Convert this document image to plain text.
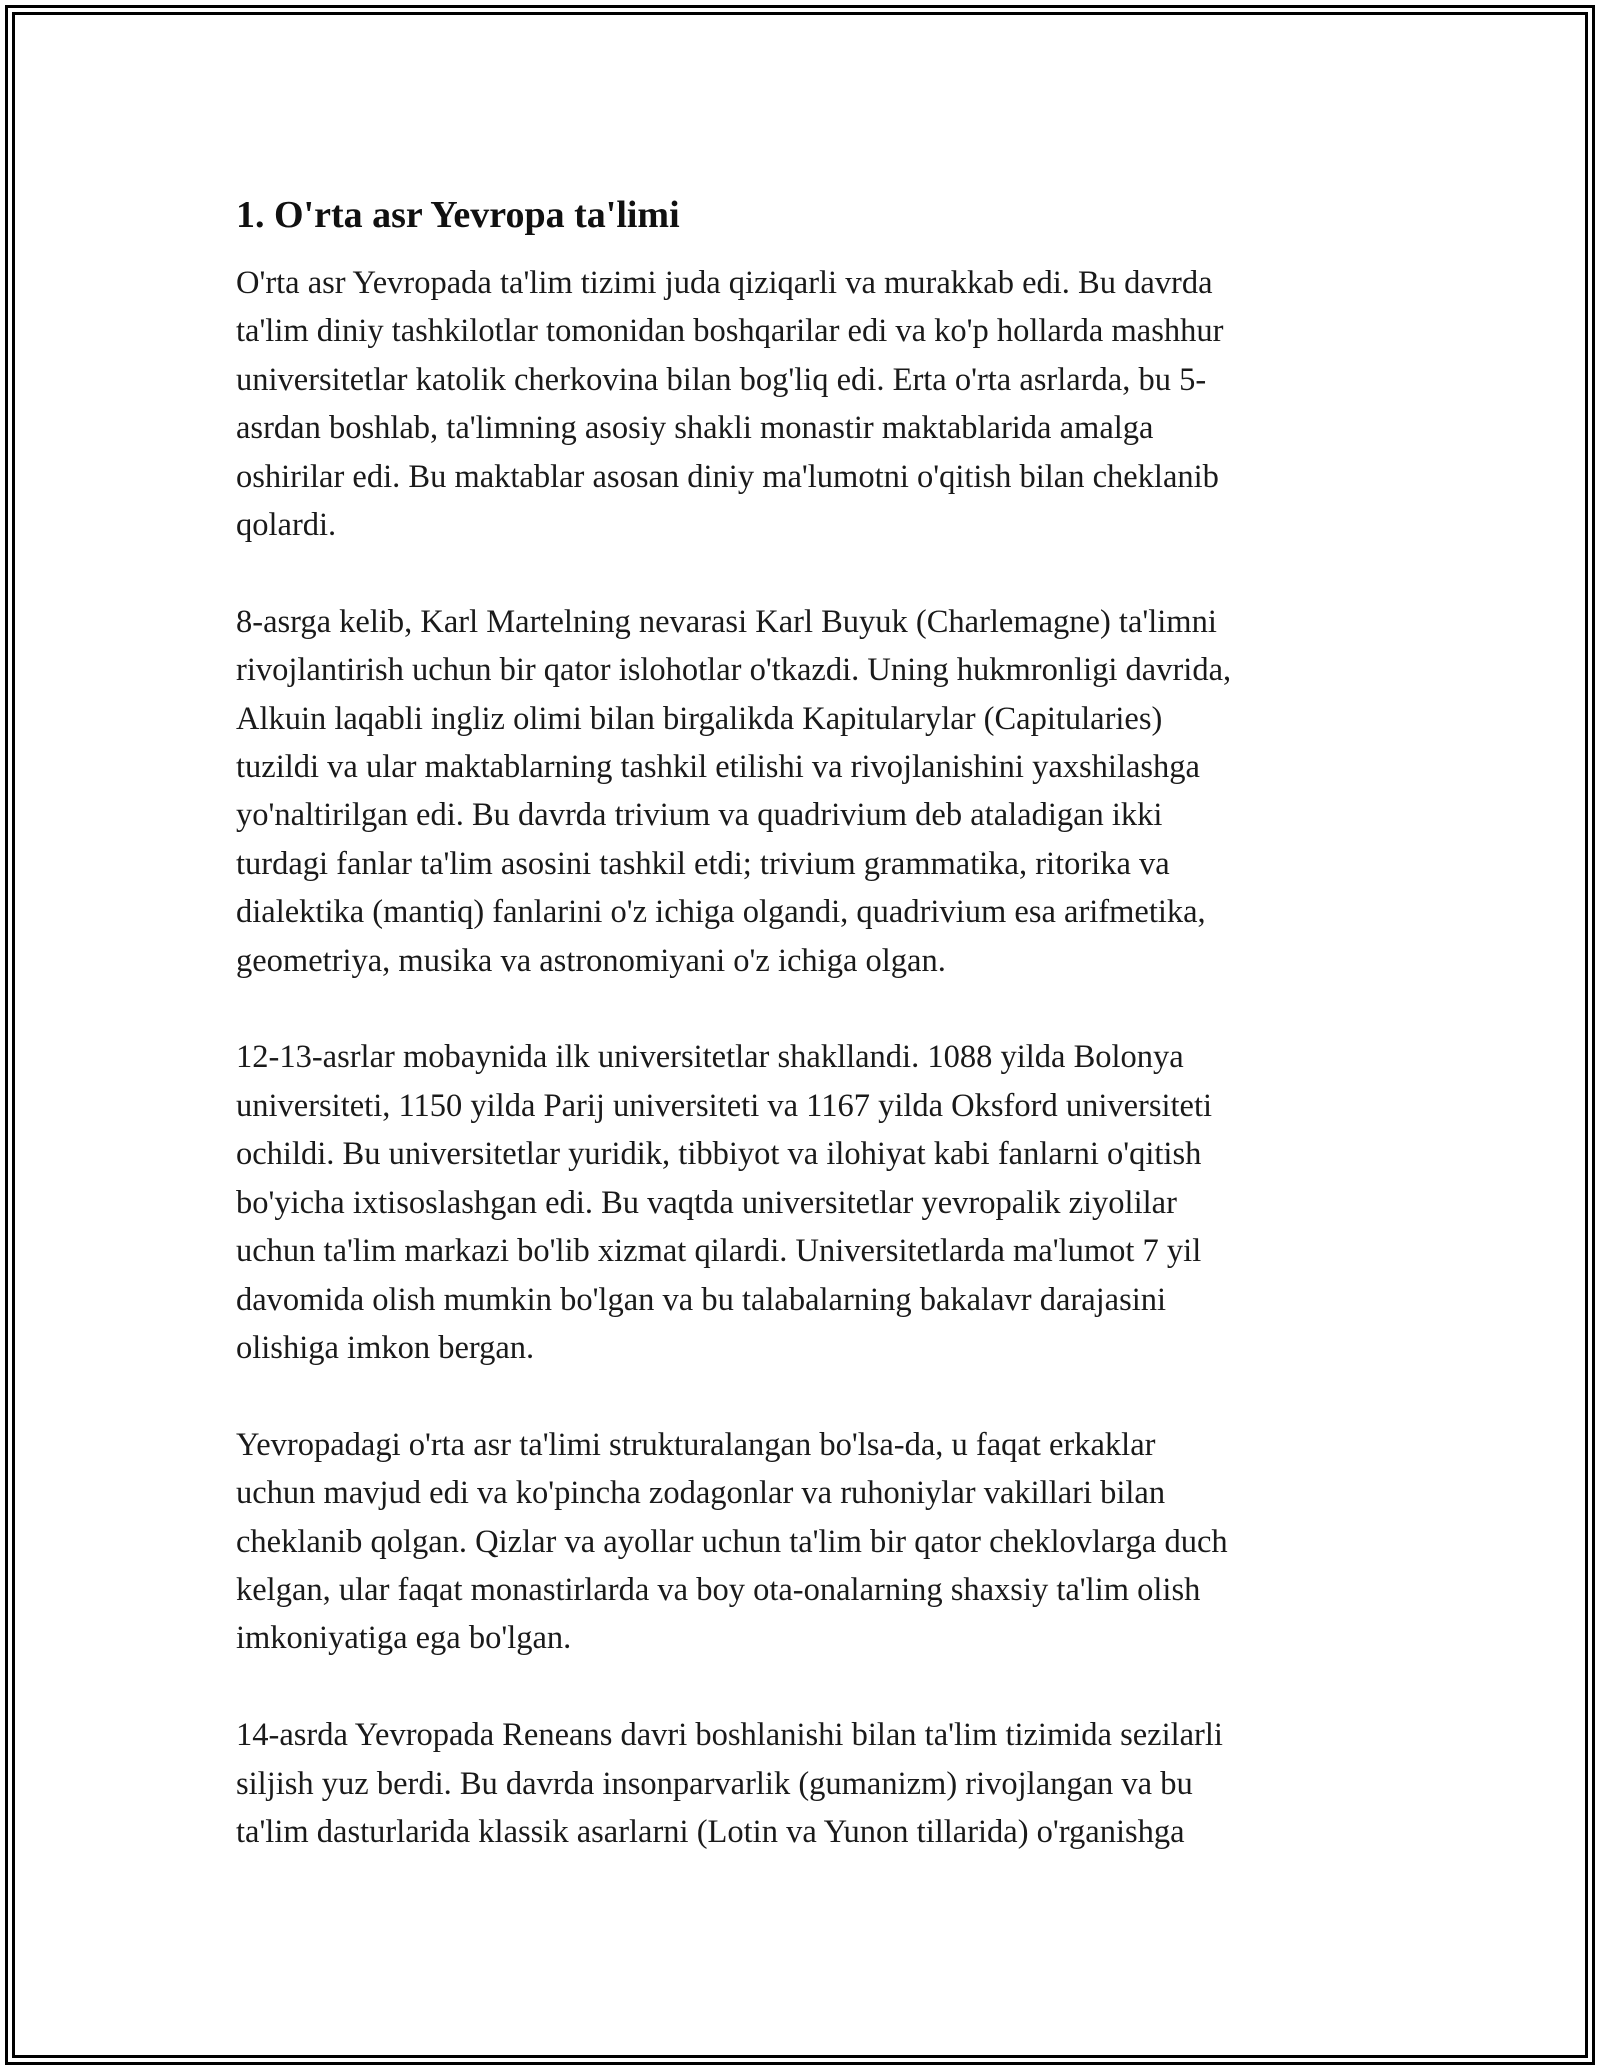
1. O'rta asr Yevropa ta'limi

O'rta asr Yevropada ta'lim tizimi juda qiziqarli va murakkab edi. Bu davrda
ta'lim diniy tashkilotlar tomonidan boshqarilar edi va ko'p hollarda mashhur
universitetlar katolik cherkovina bilan bog'liq edi. Erta o'rta asrlarda, bu 5-
asrdan boshlab, ta'limning asosiy shakli monastir maktablarida amalga
oshirilar edi. Bu maktablar asosan diniy ma'lumotni o'qitish bilan cheklanib
qolardi.

8-asrga kelib, Karl Martelning nevarasi Karl Buyuk (Charlemagne) ta'limni
rivojlantirish uchun bir qator islohotlar o'tkazdi. Uning hukmronligi davrida,
Alkuin laqabli ingliz olimi bilan birgalikda Kapitularylar (Capitularies)
tuzildi va ular maktablarning tashkil etilishi va rivojlanishini yaxshilashga
yo'naltirilgan edi. Bu davrda trivium va quadrivium deb ataladigan ikki
turdagi fanlar ta'lim asosini tashkil etdi; trivium grammatika, ritorika va
dialektika (mantiq) fanlarini o'z ichiga olgandi, quadrivium esa arifmetika,
geometriya, musika va astronomiyani o'z ichiga olgan.

12-13-asrlar mobaynida ilk universitetlar shakllandi. 1088 yilda Bolonya
universiteti, 1150 yilda Parij universiteti va 1167 yilda Oksford universiteti
ochildi. Bu universitetlar yuridik, tibbiyot va ilohiyat kabi fanlarni o'qitish
bo'yicha ixtisoslashgan edi. Bu vaqtda universitetlar yevropalik ziyolilar
uchun ta'lim markazi bo'lib xizmat qilardi. Universitetlarda ma'lumot 7 yil
davomida olish mumkin bo'lgan va bu talabalarning bakalavr darajasini
olishiga imkon bergan.

Yevropadagi o'rta asr ta'limi strukturalangan bo'lsa-da, u faqat erkaklar
uchun mavjud edi va ko'pincha zodagonlar va ruhoniylar vakillari bilan
cheklanib qolgan. Qizlar va ayollar uchun ta'lim bir qator cheklovlarga duch
kelgan, ular faqat monastirlarda va boy ota-onalarning shaxsiy ta'lim olish
imkoniyatiga ega bo'lgan.

14-asrda Yevropada Reneans davri boshlanishi bilan ta'lim tizimida sezilarli
siljish yuz berdi. Bu davrda insonparvarlik (gumanizm) rivojlangan va bu
ta'lim dasturlarida klassik asarlarni (Lotin va Yunon tillarida) o'rganishga
